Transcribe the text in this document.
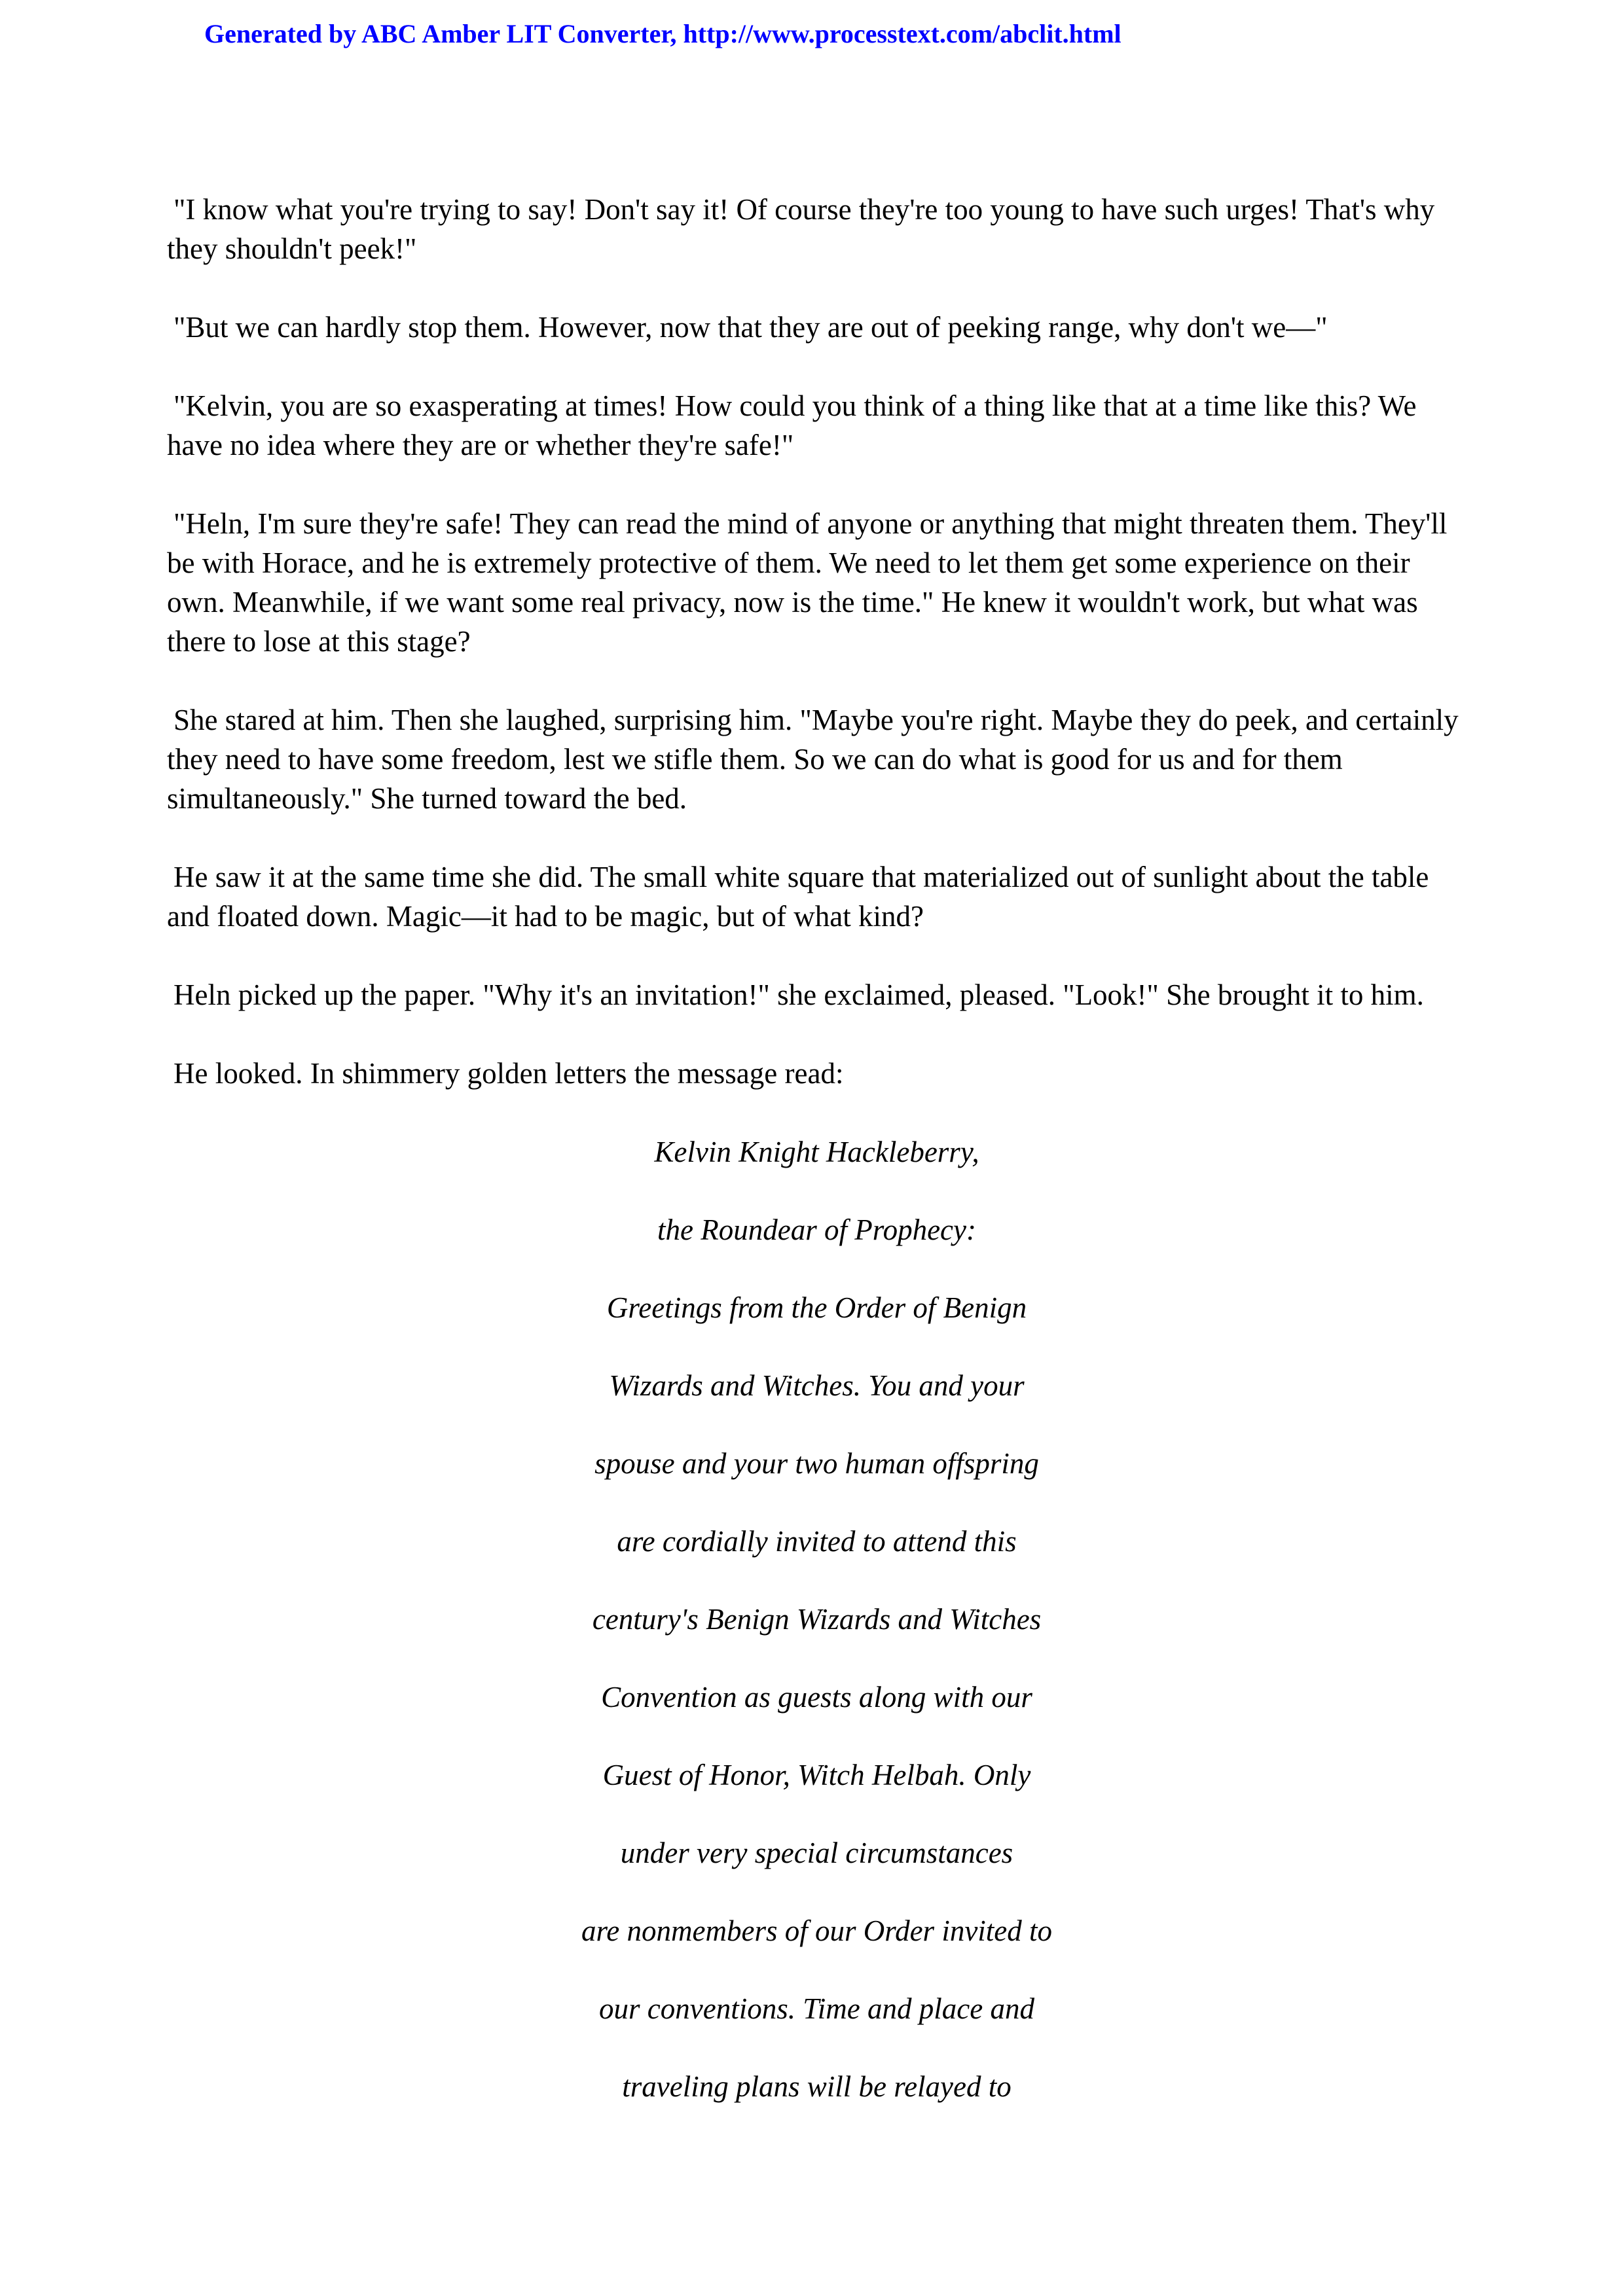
Generated by ABC Amber LIT Converter, http://www.processtext.com/abclit.html

"I know what you're trying to say! Don't say it! Of course they're too young to have such urges! That's why they shouldn't peek!"

"But we can hardly stop them. However, now that they are out of peeking range, why don't we—"

"Kelvin, you are so exasperating at times! How could you think of a thing like that at a time like this? We have no idea where they are or whether they're safe!"

"Heln, I'm sure they're safe! They can read the mind of anyone or anything that might threaten them. They'll be with Horace, and he is extremely protective of them. We need to let them get some experience on their own. Meanwhile, if we want some real privacy, now is the time." He knew it wouldn't work, but what was there to lose at this stage?

She stared at him. Then she laughed, surprising him. "Maybe you're right. Maybe they do peek, and certainly they need to have some freedom, lest we stifle them. So we can do what is good for us and for them simultaneously." She turned toward the bed.

He saw it at the same time she did. The small white square that materialized out of sunlight about the table and floated down. Magic—it had to be magic, but of what kind?

Heln picked up the paper. "Why it's an invitation!" she exclaimed, pleased. "Look!" She brought it to him.

He looked. In shimmery golden letters the message read:

Kelvin Knight Hackleberry,
the Roundear of Prophecy:
Greetings from the Order of Benign
Wizards and Witches. You and your
spouse and your two human offspring
are cordially invited to attend this
century's Benign Wizards and Witches
Convention as guests along with our
Guest of Honor, Witch Helbah. Only
under very special circumstances
are nonmembers of our Order invited to
our conventions. Time and place and
traveling plans will be relayed to
